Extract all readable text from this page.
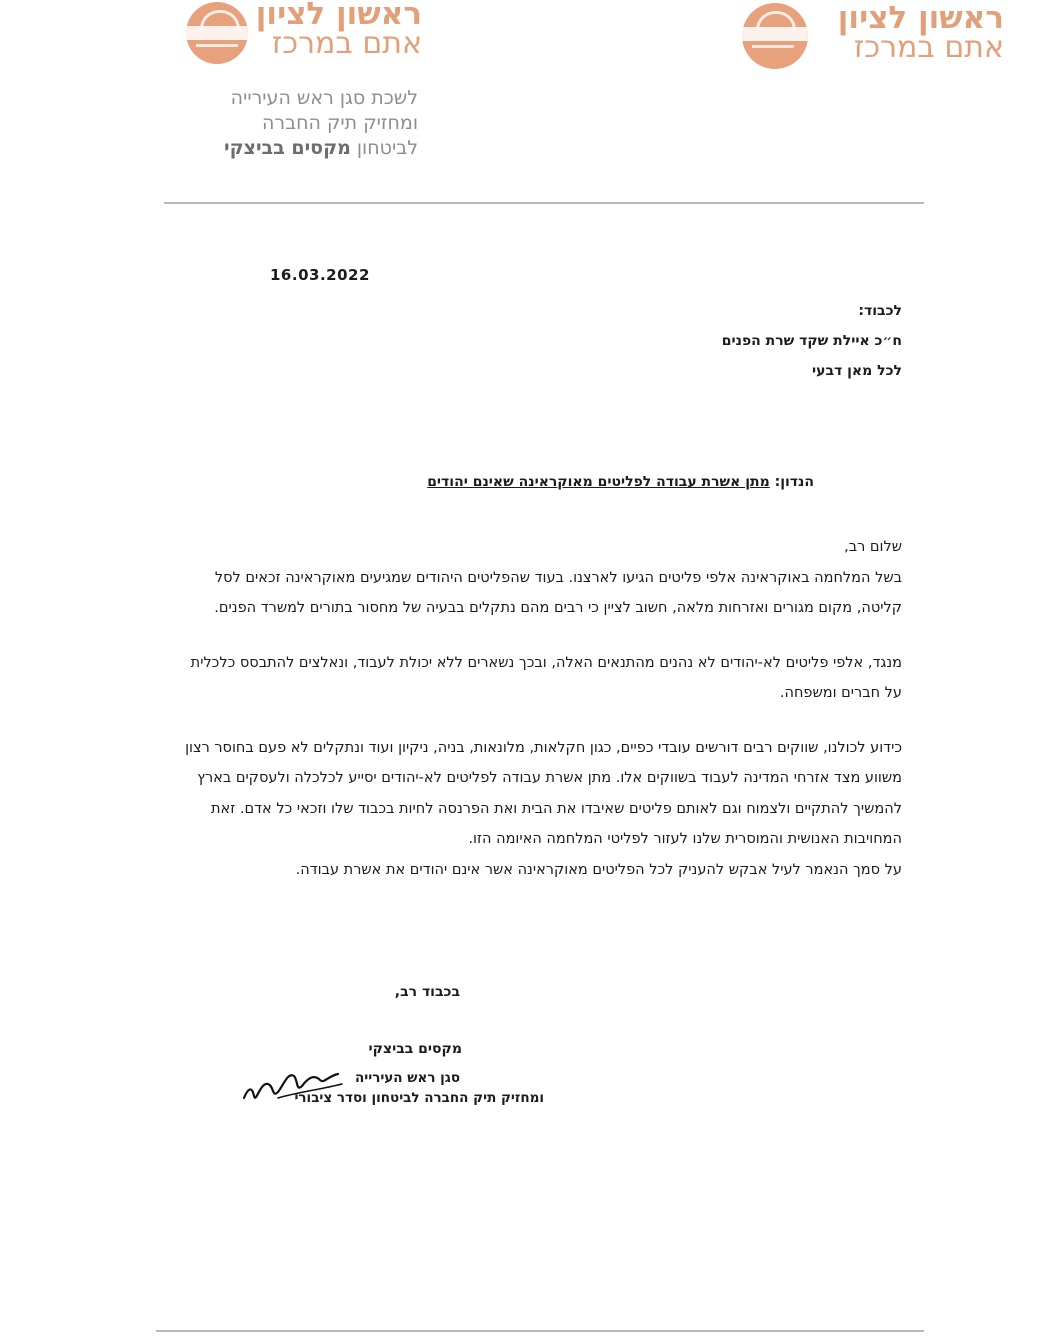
ראשון לציון
אתם במרכז
ראשון לציון
אתם במרכז
לשכת סגן ראש העירייה
ומחזיק תיק החברה
לביטחון מקסים בביצקי
16.03.2022
לכבוד:
ח״כ איילת שקד שרת הפנים
לכל מאן דבעי
הנדון: מתן אשרת עבודה לפליטים מאוקראינה שאינם יהודים

שלום רב,

בשל המלחמה באוקראינה אלפי פליטים הגיעו לארצנו. בעוד שהפליטים היהודים שמגיעים מאוקראינה זכאים לסל קליטה, מקום מגורים ואזרחות מלאה, חשוב לציין כי רבים מהם נתקלים בבעיה של מחסור בתורים למשרד הפנים.

מנגד, אלפי פליטים לא-יהודים לא נהנים מהתנאים האלה, ובכך נשארים ללא יכולת לעבוד, ונאלצים להתבסס כלכלית על חברים ומשפחה.

כידוע לכולנו, שווקים רבים דורשים עובדי כפיים, כגון חקלאות, מלונאות, בניה, ניקיון ועוד ונתקלים לא פעם בחוסר רצון משווע מצד אזרחי המדינה לעבוד בשווקים אלו. מתן אשרת עבודה לפליטים לא-יהודים יסייע לכלכלה ולעסקים בארץ להמשיך להתקיים ולצמוח וגם לאותם פליטים שאיבדו את הבית ואת הפרנסה לחיות בכבוד שלו וזכאי כל אדם. זאת המחויבות האנושית והמוסרית שלנו לעזור לפליטי המלחמה האיומה הזו.

על סמך הנאמר לעיל אבקש להעניק לכל הפליטים מאוקראינה אשר אינם יהודים את אשרת עבודה.

בכבוד רב,
מקסים בביצקי
סגן ראש העירייה
ומחזיק תיק החברה לביטחון וסדר ציבורי
